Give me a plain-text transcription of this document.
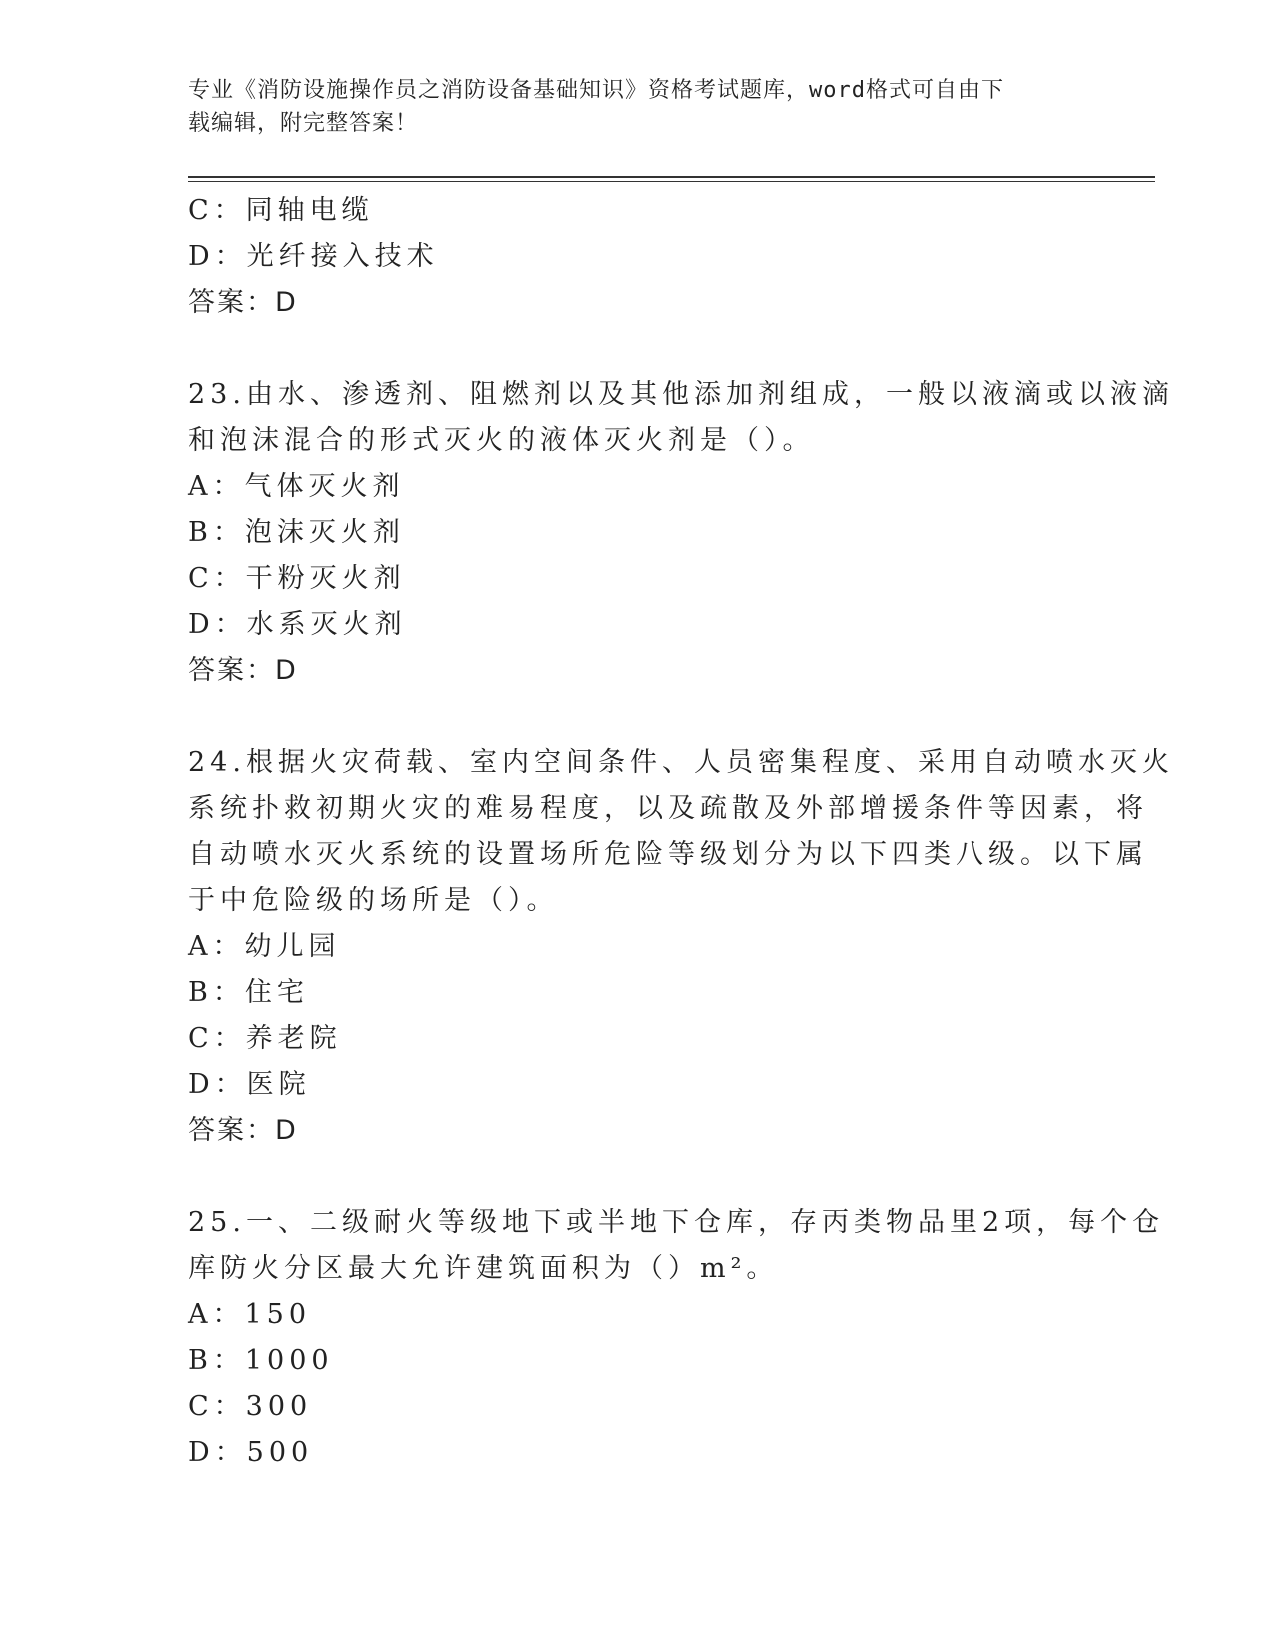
专业《消防设施操作员之消防设备基础知识》资格考试题库，word格式可自由下
载编辑，附完整答案！
C：同轴电缆
D：光纤接入技术
答案：D
23.由水、渗透剂、阻燃剂以及其他添加剂组成，一般以液滴或以液滴
和泡沫混合的形式灭火的液体灭火剂是（）。
A：气体灭火剂
B：泡沫灭火剂
C：干粉灭火剂
D：水系灭火剂
答案：D
24.根据火灾荷载、室内空间条件、人员密集程度、采用自动喷水灭火
系统扑救初期火灾的难易程度，以及疏散及外部增援条件等因素，将
自动喷水灭火系统的设置场所危险等级划分为以下四类八级。以下属
于中危险级的场所是（）。
A：幼儿园
B：住宅
C：养老院
D：医院
答案：D
25.一、二级耐火等级地下或半地下仓库，存丙类物品里2项，每个仓
库防火分区最大允许建筑面积为（）m²。
A：150
B：1000
C：300
D：500
